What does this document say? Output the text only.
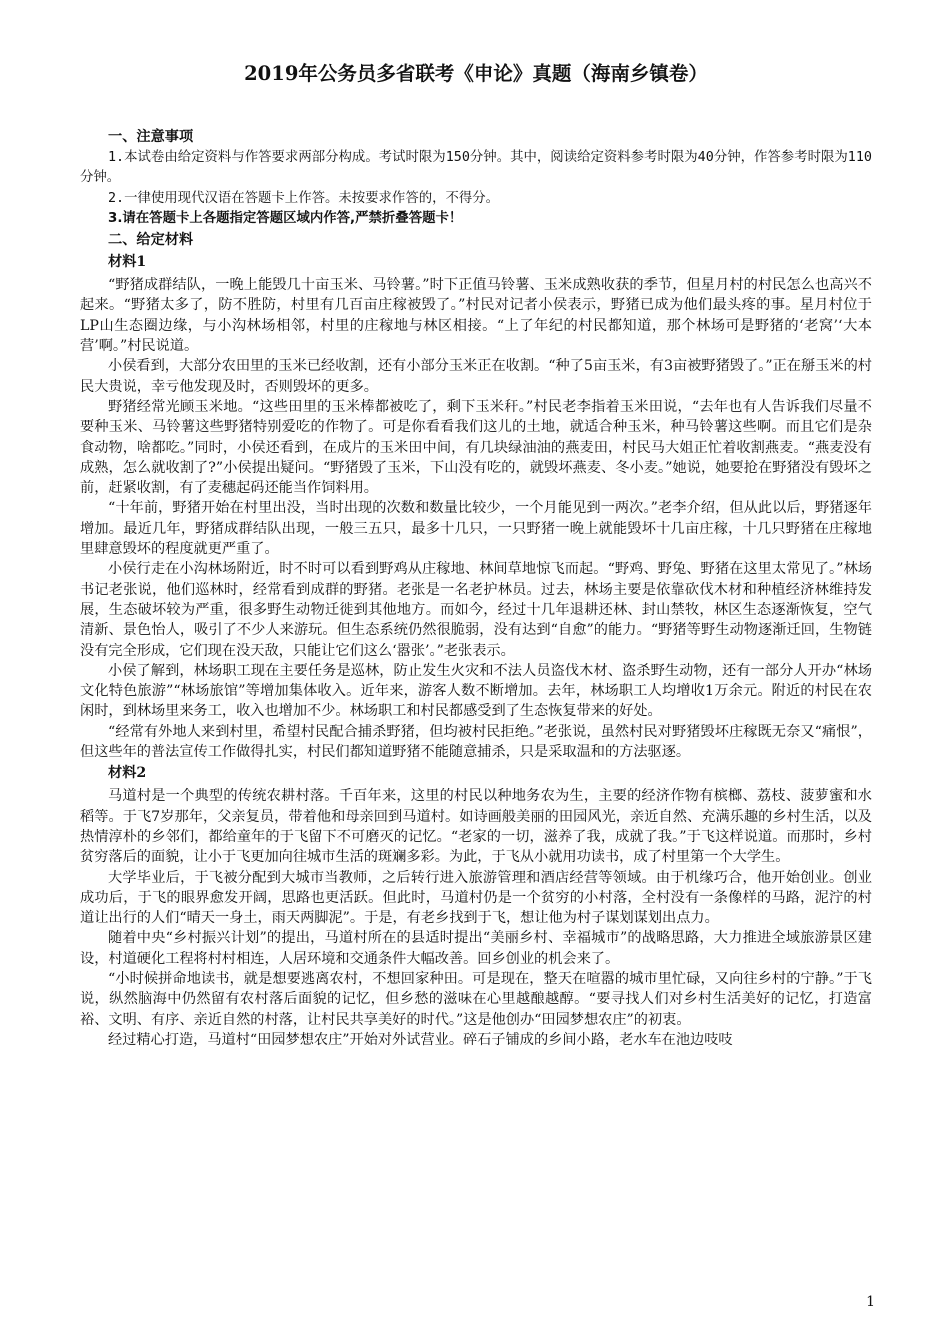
2019年公务员多省联考《申论》真题（海南乡镇卷）
一、注意事项

1.本试卷由给定资料与作答要求两部分构成。考试时限为150分钟。其中，阅读给定资料参考时限为40分钟，作答参考时限为110分钟。

2.一律使用现代汉语在答题卡上作答。未按要求作答的，不得分。

3.请在答题卡上各题指定答题区域内作答,严禁折叠答题卡！

二、给定材料
材料1

“野猪成群结队，一晚上能毁几十亩玉米、马铃薯。”时下正值马铃薯、玉米成熟收获的季节，但星月村的村民怎么也高兴不起来。“野猪太多了，防不胜防，村里有几百亩庄稼被毁了。”村民对记者小侯表示，野猪已成为他们最头疼的事。星月村位于LP山生态圈边缘，与小沟林场相邻，村里的庄稼地与林区相接。“上了年纪的村民都知道，那个林场可是野猪的‘老窝’‘大本营’啊。”村民说道。

小侯看到，大部分农田里的玉米已经收割，还有小部分玉米正在收割。“种了5亩玉米，有3亩被野猪毁了。”正在掰玉米的村民大贵说，幸亏他发现及时，否则毁坏的更多。

野猪经常光顾玉米地。“这些田里的玉米棒都被吃了，剩下玉米秆。”村民老李指着玉米田说，“去年也有人告诉我们尽量不要种玉米、马铃薯这些野猪特别爱吃的作物了。可是你看看我们这儿的土地，就适合种玉米，种马铃薯这些啊。而且它们是杂食动物，啥都吃。”同时，小侯还看到，在成片的玉米田中间，有几块绿油油的燕麦田，村民马大姐正忙着收割燕麦。“燕麦没有成熟，怎么就收割了?”小侯提出疑问。“野猪毁了玉米，下山没有吃的，就毁坏燕麦、冬小麦。”她说，她要抢在野猪没有毁坏之前，赶紧收割，有了麦穗起码还能当作饲料用。

“十年前，野猪开始在村里出没，当时出现的次数和数量比较少，一个月能见到一两次。”老李介绍，但从此以后，野猪逐年增加。最近几年，野猪成群结队出现，一般三五只，最多十几只，一只野猪一晚上就能毁坏十几亩庄稼，十几只野猪在庄稼地里肆意毁坏的程度就更严重了。

小侯行走在小沟林场附近，时不时可以看到野鸡从庄稼地、林间草地惊飞而起。“野鸡、野兔、野猪在这里太常见了。”林场书记老张说，他们巡林时，经常看到成群的野猪。老张是一名老护林员。过去，林场主要是依靠砍伐木材和种植经济林维持发展，生态破坏较为严重，很多野生动物迁徙到其他地方。而如今，经过十几年退耕还林、封山禁牧，林区生态逐渐恢复，空气清新、景色怡人，吸引了不少人来游玩。但生态系统仍然很脆弱，没有达到“自愈”的能力。“野猪等野生动物逐渐迁回，生物链没有完全形成，它们现在没天敌，只能让它们这么‘嚣张’。”老张表示。

小侯了解到，林场职工现在主要任务是巡林，防止发生火灾和不法人员盗伐木材、盗杀野生动物，还有一部分人开办“林场文化特色旅游”“林场旅馆”等增加集体收入。近年来，游客人数不断增加。去年，林场职工人均增收1万余元。附近的村民在农闲时，到林场里来务工，收入也增加不少。林场职工和村民都感受到了生态恢复带来的好处。

“经常有外地人来到村里，希望村民配合捕杀野猪，但均被村民拒绝。”老张说，虽然村民对野猪毁坏庄稼既无奈又“痛恨”，但这些年的普法宣传工作做得扎实，村民们都知道野猪不能随意捕杀，只是采取温和的方法驱逐。

材料2

马道村是一个典型的传统农耕村落。千百年来，这里的村民以种地务农为生，主要的经济作物有槟榔、荔枝、菠萝蜜和水稻等。于飞7岁那年，父亲复员，带着他和母亲回到马道村。如诗画般美丽的田园风光，亲近自然、充满乐趣的乡村生活，以及热情淳朴的乡邻们，都给童年的于飞留下不可磨灭的记忆。“老家的一切，滋养了我，成就了我。”于飞这样说道。而那时，乡村贫穷落后的面貌，让小于飞更加向往城市生活的斑斓多彩。为此，于飞从小就用功读书，成了村里第一个大学生。

大学毕业后，于飞被分配到大城市当教师，之后转行进入旅游管理和酒店经营等领域。由于机缘巧合，他开始创业。创业成功后，于飞的眼界愈发开阔，思路也更活跃。但此时，马道村仍是一个贫穷的小村落，全村没有一条像样的马路，泥泞的村道让出行的人们“晴天一身土，雨天两脚泥”。于是，有老乡找到于飞，想让他为村子谋划谋划出点力。

随着中央“乡村振兴计划”的提出，马道村所在的县适时提出“美丽乡村、幸福城市”的战略思路，大力推进全域旅游景区建设，村道硬化工程将村村相连，人居环境和交通条件大幅改善。回乡创业的机会来了。

“小时候拼命地读书，就是想要逃离农村，不想回家种田。可是现在，整天在喧嚣的城市里忙碌，又向往乡村的宁静。”于飞说，纵然脑海中仍然留有农村落后面貌的记忆，但乡愁的滋味在心里越酿越醇。“要寻找人们对乡村生活美好的记忆，打造富裕、文明、有序、亲近自然的村落，让村民共享美好的时代。”这是他创办“田园梦想农庄”的初衷。

经过精心打造，马道村“田园梦想农庄”开始对外试营业。碎石子铺成的乡间小路，老水车在池边吱吱

1
